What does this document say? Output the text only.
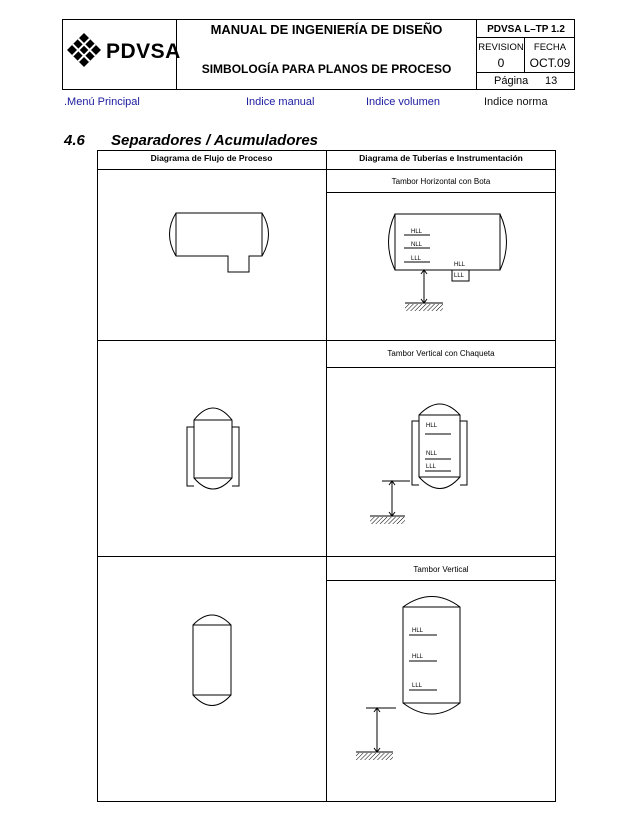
PDVSA
MANUAL DE INGENIERÍA DE DISEÑO
SIMBOLOGÍA PARA PLANOS DE PROCESO
PDVSA L–TP 1.2
REVISION	FECHA
0	OCT.09
Página 13
.Menú Principal	Indice manual	Indice volumen	Indice norma
4.6 Separadores / Acumuladores
Diagrama de Flujo de Proceso	Diagrama de Tuberías e Instrumentación
Tambor Horizontal con Bota
Tambor Vertical con Chaqueta
Tambor Vertical
HLL
NLL
LLL
HLL
LLL
HLL
NLL
LLL
HLL
HLL
LLL
